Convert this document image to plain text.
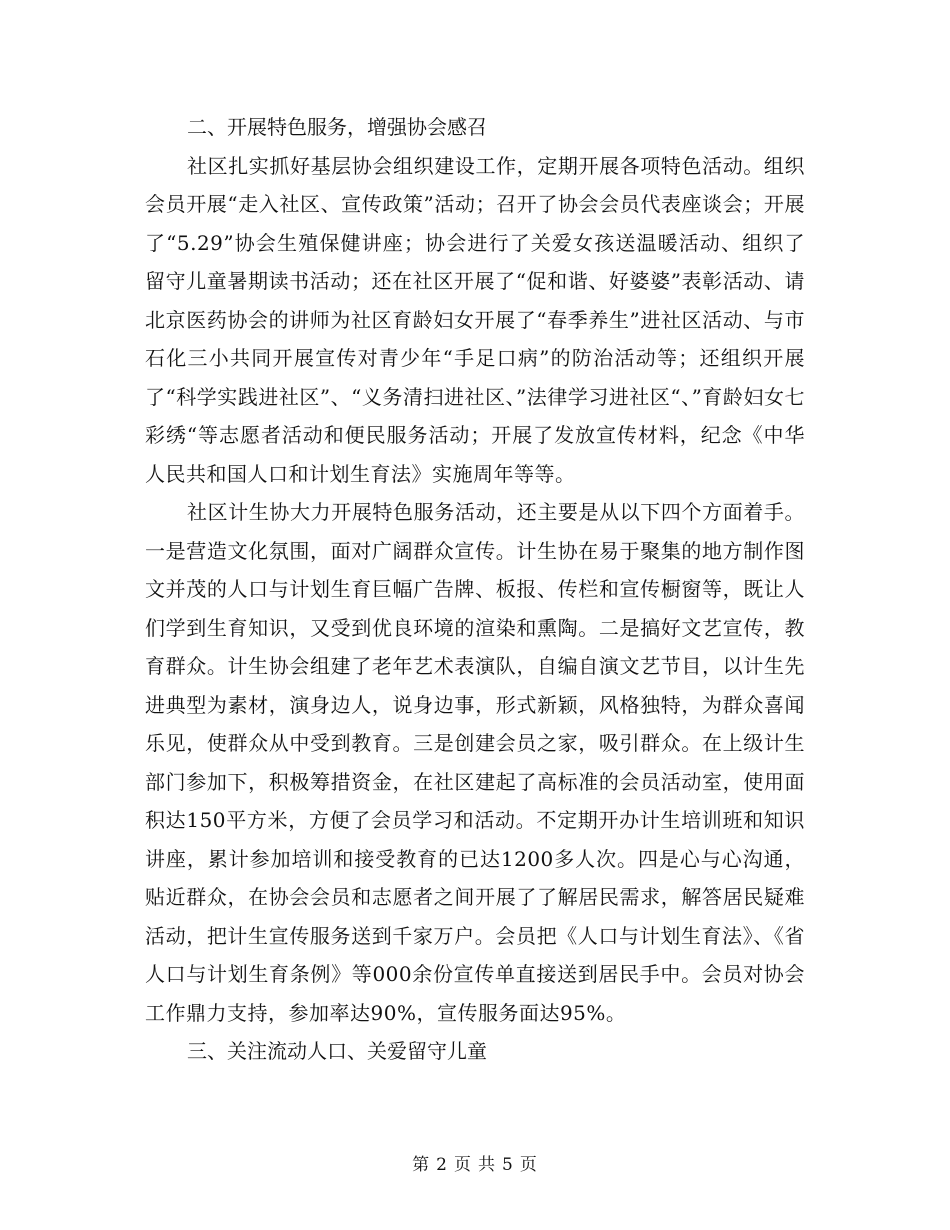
二、开展特色服务，增强协会感召

社区扎实抓好基层协会组织建设工作，定期开展各项特色活动。组织会员开展“走入社区、宣传政策”活动；召开了协会会员代表座谈会；开展了“5.29”协会生殖保健讲座；协会进行了关爱女孩送温暖活动、组织了留守儿童暑期读书活动；还在社区开展了“促和谐、好婆婆”表彰活动、请北京医药协会的讲师为社区育龄妇女开展了“春季养生”进社区活动、与市石化三小共同开展宣传对青少年“手足口病”的防治活动等；还组织开展了“科学实践进社区”、“义务清扫进社区、”法律学习进社区“、”育龄妇女七彩绣“等志愿者活动和便民服务活动；开展了发放宣传材料，纪念《中华人民共和国人口和计划生育法》实施周年等等。

社区计生协大力开展特色服务活动，还主要是从以下四个方面着手。一是营造文化氛围，面对广阔群众宣传。计生协在易于聚集的地方制作图文并茂的人口与计划生育巨幅广告牌、板报、传栏和宣传橱窗等，既让人们学到生育知识，又受到优良环境的渲染和熏陶。二是搞好文艺宣传，教育群众。计生协会组建了老年艺术表演队，自编自演文艺节目，以计生先进典型为素材，演身边人，说身边事，形式新颖，风格独特，为群众喜闻乐见，使群众从中受到教育。三是创建会员之家，吸引群众。在上级计生部门参加下，积极筹措资金，在社区建起了高标准的会员活动室，使用面积达150平方米，方便了会员学习和活动。不定期开办计生培训班和知识讲座，累计参加培训和接受教育的已达1200多人次。四是心与心沟通，贴近群众，在协会会员和志愿者之间开展了了解居民需求，解答居民疑难活动，把计生宣传服务送到千家万户。会员把《人口与计划生育法》、《省人口与计划生育条例》等000余份宣传单直接送到居民手中。会员对协会工作鼎力支持，参加率达90%，宣传服务面达95%。

三、关注流动人口、关爱留守儿童

第 2 页 共 5 页
